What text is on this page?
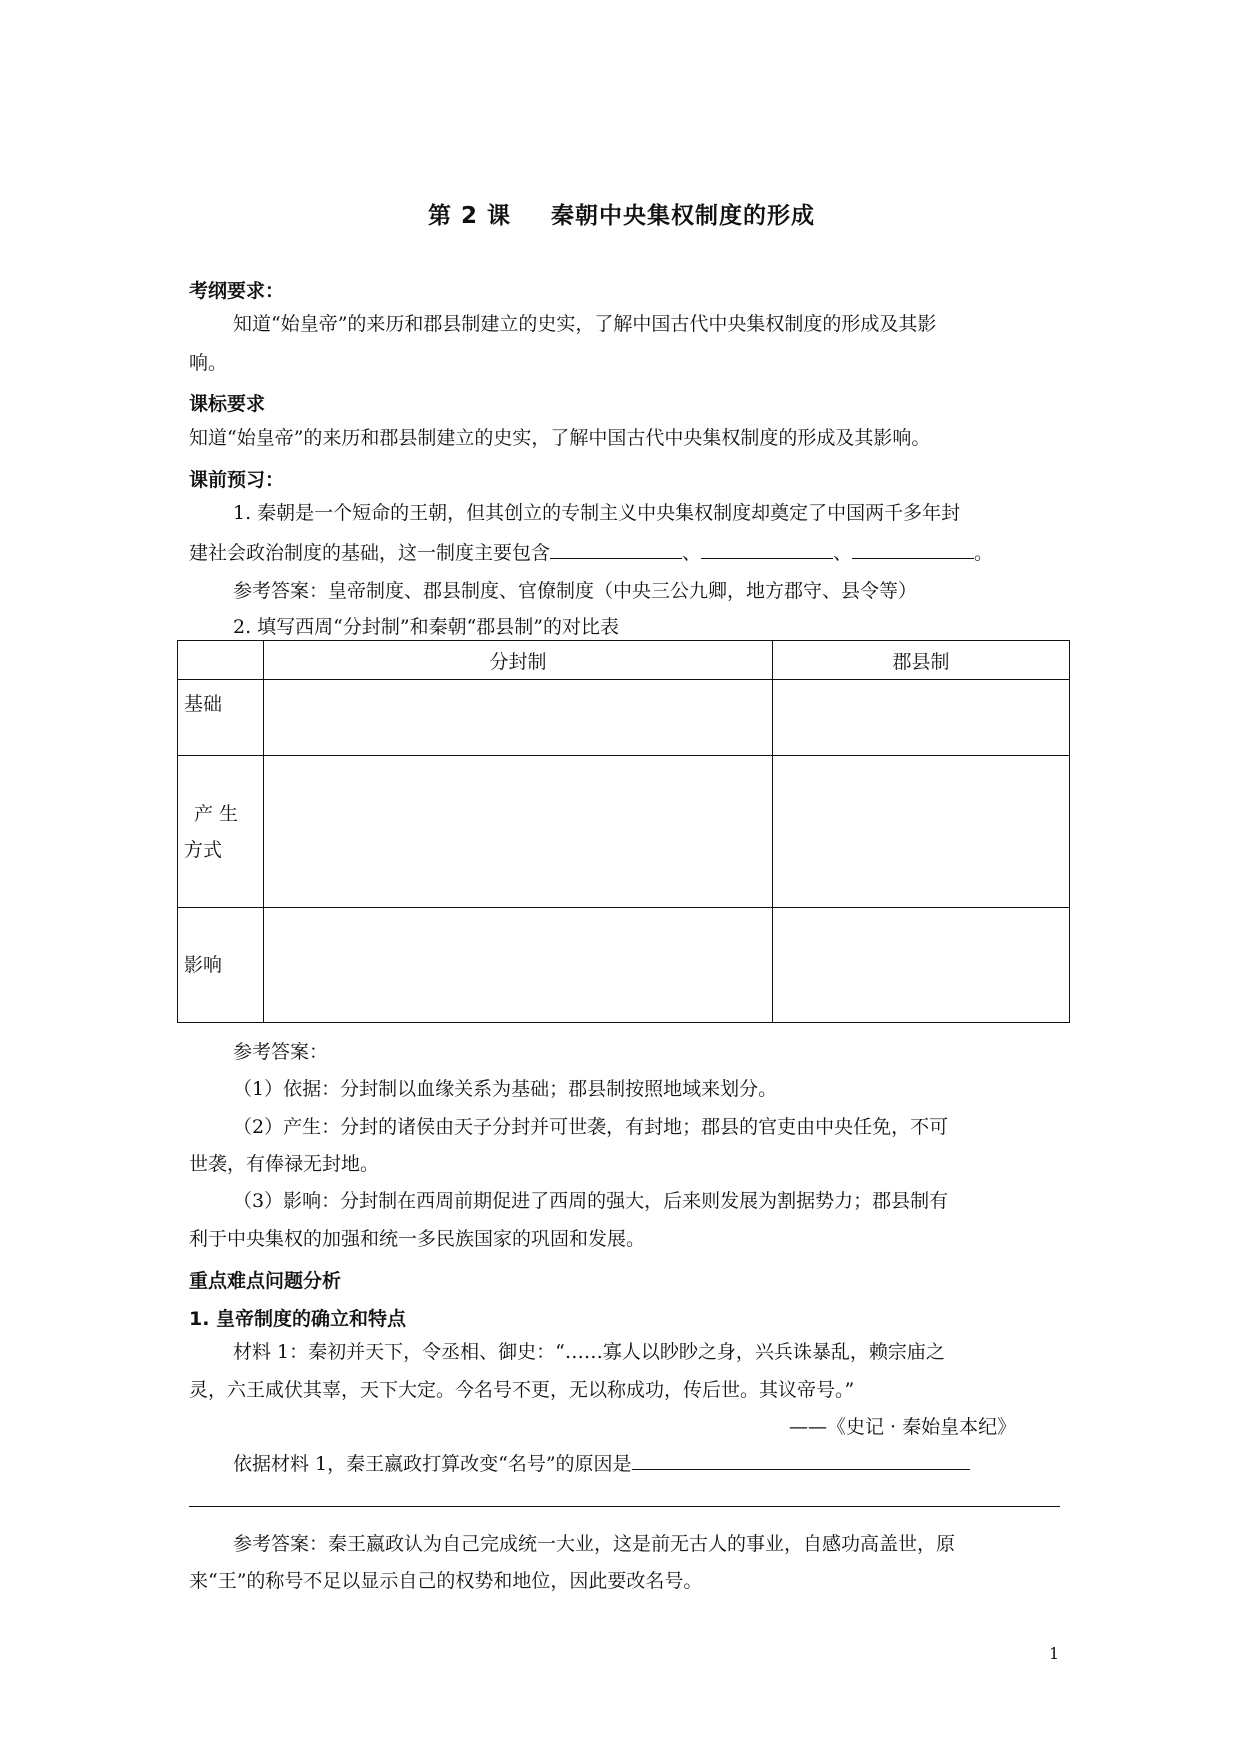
第 2 课 秦朝中央集权制度的形成
考纲要求：
知道“始皇帝”的来历和郡县制建立的史实，了解中国古代中央集权制度的形成及其影
响。
课标要求
知道“始皇帝”的来历和郡县制建立的史实，了解中国古代中央集权制度的形成及其影响。
课前预习：
1. 秦朝是一个短命的王朝，但其创立的专制主义中央集权制度却奠定了中国两千多年封
建社会政治制度的基础，这一制度主要包含	、	、	。
参考答案：皇帝制度、郡县制度、官僚制度（中央三公九卿，地方郡守、县令等）
2. 填写西周“分封制”和秦朝“郡县制”的对比表
	分封制	郡县制
基础		

产 生
方式		

影响		
参考答案：
（1）依据：分封制以血缘关系为基础；郡县制按照地域来划分。
（2）产生：分封的诸侯由天子分封并可世袭，有封地；郡县的官吏由中央任免，不可
世袭，有俸禄无封地。
（3）影响：分封制在西周前期促进了西周的强大，后来则发展为割据势力；郡县制有
利于中央集权的加强和统一多民族国家的巩固和发展。
重点难点问题分析
1. 皇帝制度的确立和特点
材料 1：秦初并天下，令丞相、御史：“……寡人以眇眇之身，兴兵诛暴乱，赖宗庙之
灵，六王咸伏其辜，天下大定。今名号不更，无以称成功，传后世。其议帝号。”
——《史记 · 秦始皇本纪》
依据材料 1，秦王嬴政打算改变“名号”的原因是
参考答案：秦王嬴政认为自己完成统一大业，这是前无古人的事业，自感功高盖世，原
来“王”的称号不足以显示自己的权势和地位，因此要改名号。
1
